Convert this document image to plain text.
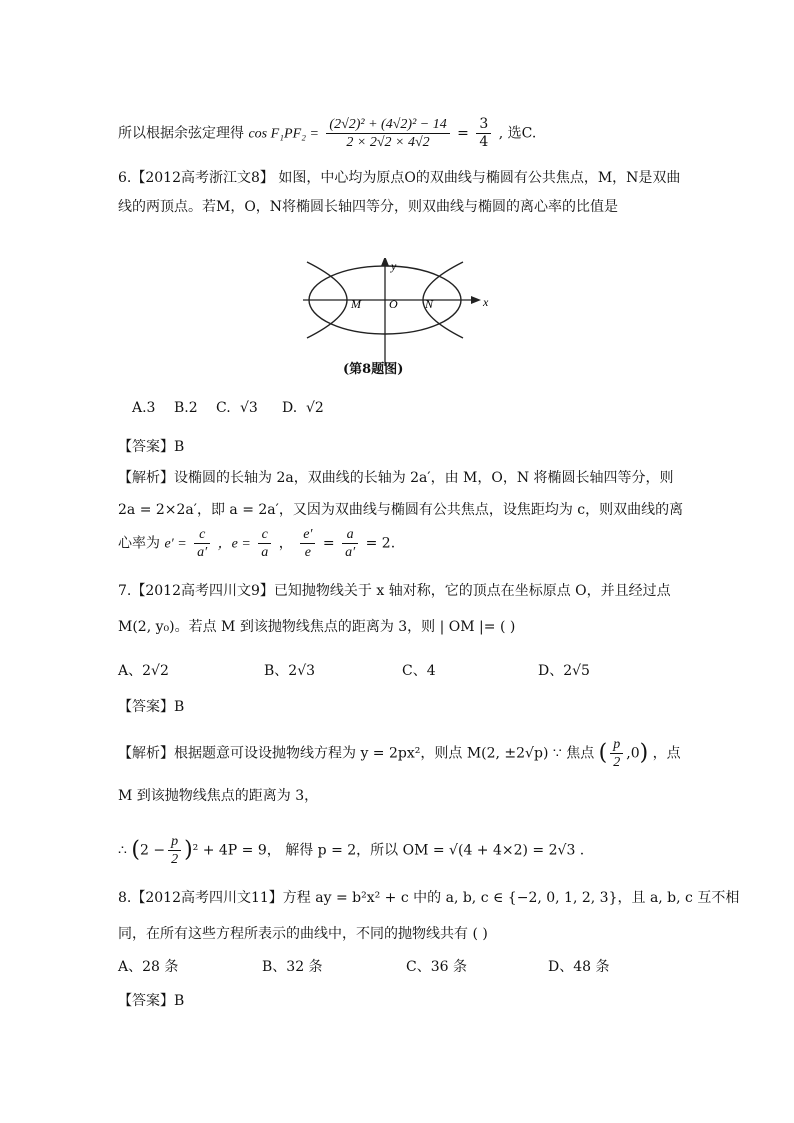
所以根据余弦定理得 $\cos F_1PF_2 = \frac{\text{(2√2)² + (4√2)² − 14}}{2 \times 2√2 \times 4√2} = \frac{3}{4}$ , 选C.
6.【2012高考浙江文8】 如图，中心均为原点O的双曲线与椭圆有公共焦点，M，N是双曲
线的两顶点。若M，O，N将椭圆长轴四等分，则双曲线与椭圆的离心率的比值是
M O N	x
y
(第8题图)
A.3 B.2 C. √3 D. √2
【答案】B
【解析】设椭圆的长轴为 2a，双曲线的长轴为 2a′，由 M，O，N 将椭圆长轴四等分，则
2a = 2×2a′，即 a = 2a′，又因为双曲线与椭圆有公共焦点，设焦距均为 c，则双曲线的离
心率为 $e' = \frac{c}{a'}$ ，$e = \frac{c}{a}$ ， $\frac{e'}{e} = \frac{a}{a'} = 2$.
7.【2012高考四川文9】已知抛物线关于 x 轴对称，它的顶点在坐标原点 O，并且经过点
M(2, y₀)。若点 M 到该抛物线焦点的距离为 3，则 | OM |= ( )
A、2√2	B、2√3	C、4	D、2√5
【答案】B
【解析】根据题意可设设抛物线方程为 y = 2px²，则点 M(2, ±2√p) ∵ 焦点 ( $\frac{p}{2} ,0$) ，点
M 到该抛物线焦点的距离为 3，
∴ $(2 - \frac{p}{2} )^2 + 4P = 9$， 解得 p = 2，所以 OM = √(4 + 4×2) = 2√3 .
8.【2012高考四川文11】方程 ay = b²x² + c 中的 a, b, c ∈ {−2, 0, 1, 2, 3}，且 a, b, c 互不相
同，在所有这些方程所表示的曲线中，不同的抛物线共有 ( )
A、28 条	B、32 条	C、36 条	D、48 条
【答案】B
